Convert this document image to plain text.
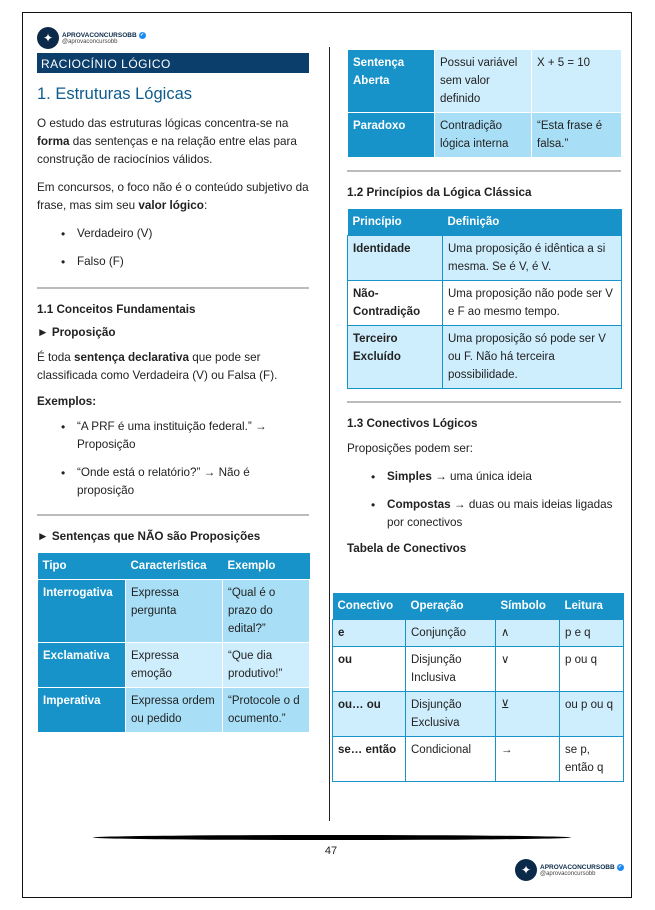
✦	APROVACONCURSOBB ✓
@aprovaconcursobb
RACIOCÍNIO LÓGICO
1. Estruturas Lógicas

O estudo das estruturas lógicas concentra-se na forma das sentenças e na relação entre elas para construção de raciocínios válidos.

Em concursos, o foco não é o conteúdo subjetivo da frase, mas sim seu valor lógico:

• Verdadeiro (V)
• Falso (F)
1.1 Conceitos Fundamentais
► Proposição

É toda sentença declarativa que pode ser classificada como Verdadeira (V) ou Falsa (F).

Exemplos:
• “A PRF é uma instituição federal.” → Proposição
• “Onde está o relatório?” → Não é proposição
► Sentenças que NÃO são Proposições
Tipo	Característica	Exemplo
Interrogativa	Expressa pergunta	“Qual é o prazo do edital?”
Exclamativa	Expressa emoção	“Que dia produtivo!”
Imperativa	Expressa ordem ou pedido	“Protocole o documento.”
Sentença Aberta	Possui variável sem valor definido	X + 5 = 10
Paradoxo	Contradição lógica interna	“Esta frase é falsa.”
1.2 Princípios da Lógica Clássica
Princípio	Definição
Identidade	Uma proposição é idêntica a si mesma. Se é V, é V.
Não-Contradição	Uma proposição não pode ser V e F ao mesmo tempo.
Terceiro Excluído	Uma proposição só pode ser V ou F. Não há terceira possibilidade.
1.3 Conectivos Lógicos

Proposições podem ser:

• Simples → uma única ideia
• Compostas → duas ou mais ideias ligadas por conectivos
Tabela de Conectivos
Conectivo	Operação	Símbolo	Leitura
e	Conjunção	∧	p e q
ou	Disjunção Inclusiva	∨	p ou q
ou… ou	Disjunção Exclusiva	⊻	ou p ou q
se… então	Condicional	→	se p, então q
47
✦	APROVACONCURSOBB ✓
@aprovaconcursobb
